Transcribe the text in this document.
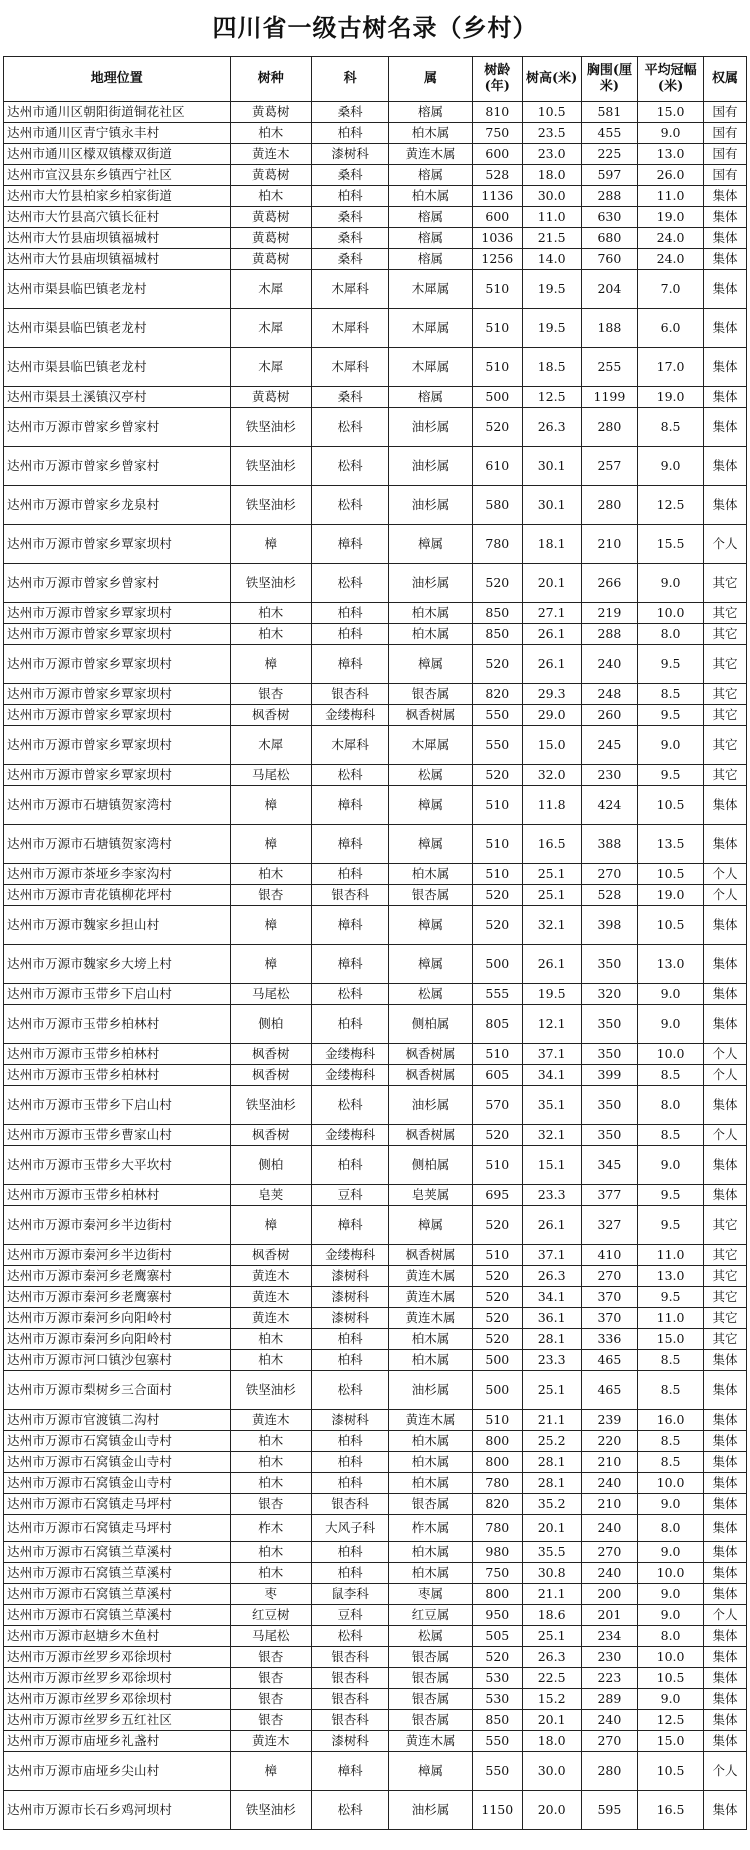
四川省一级古树名录（乡村）
地理位置	树种	科	属	树龄(年)	树高(米)	胸围(厘米)	平均冠幅(米)	权属
达州市通川区朝阳街道铜花社区	黄葛树	桑科	榕属	810	10.5	581	15.0	国有
达州市通川区青宁镇永丰村	柏木	柏科	柏木属	750	23.5	455	9.0	国有
达州市通川区檬双镇檬双街道	黄连木	漆树科	黄连木属	600	23.0	225	13.0	国有
达州市宣汉县东乡镇西宁社区	黄葛树	桑科	榕属	528	18.0	597	26.0	国有
达州市大竹县柏家乡柏家街道	柏木	柏科	柏木属	1136	30.0	288	11.0	集体
达州市大竹县高穴镇长征村	黄葛树	桑科	榕属	600	11.0	630	19.0	集体
达州市大竹县庙坝镇福城村	黄葛树	桑科	榕属	1036	21.5	680	24.0	集体
达州市大竹县庙坝镇福城村	黄葛树	桑科	榕属	1256	14.0	760	24.0	集体
达州市渠县临巴镇老龙村	木犀	木犀科	木犀属	510	19.5	204	7.0	集体
达州市渠县临巴镇老龙村	木犀	木犀科	木犀属	510	19.5	188	6.0	集体
达州市渠县临巴镇老龙村	木犀	木犀科	木犀属	510	18.5	255	17.0	集体
达州市渠县土溪镇汉亭村	黄葛树	桑科	榕属	500	12.5	1199	19.0	集体
达州市万源市曾家乡曾家村	铁坚油杉	松科	油杉属	520	26.3	280	8.5	集体
达州市万源市曾家乡曾家村	铁坚油杉	松科	油杉属	610	30.1	257	9.0	集体
达州市万源市曾家乡龙泉村	铁坚油杉	松科	油杉属	580	30.1	280	12.5	集体
达州市万源市曾家乡覃家坝村	樟	樟科	樟属	780	18.1	210	15.5	个人
达州市万源市曾家乡曾家村	铁坚油杉	松科	油杉属	520	20.1	266	9.0	其它
达州市万源市曾家乡覃家坝村	柏木	柏科	柏木属	850	27.1	219	10.0	其它
达州市万源市曾家乡覃家坝村	柏木	柏科	柏木属	850	26.1	288	8.0	其它
达州市万源市曾家乡覃家坝村	樟	樟科	樟属	520	26.1	240	9.5	其它
达州市万源市曾家乡覃家坝村	银杏	银杏科	银杏属	820	29.3	248	8.5	其它
达州市万源市曾家乡覃家坝村	枫香树	金缕梅科	枫香树属	550	29.0	260	9.5	其它
达州市万源市曾家乡覃家坝村	木犀	木犀科	木犀属	550	15.0	245	9.0	其它
达州市万源市曾家乡覃家坝村	马尾松	松科	松属	520	32.0	230	9.5	其它
达州市万源市石塘镇贺家湾村	樟	樟科	樟属	510	11.8	424	10.5	集体
达州市万源市石塘镇贺家湾村	樟	樟科	樟属	510	16.5	388	13.5	集体
达州市万源市茶垭乡李家沟村	柏木	柏科	柏木属	510	25.1	270	10.5	个人
达州市万源市青花镇柳花坪村	银杏	银杏科	银杏属	520	25.1	528	19.0	个人
达州市万源市魏家乡担山村	樟	樟科	樟属	520	32.1	398	10.5	集体
达州市万源市魏家乡大塝上村	樟	樟科	樟属	500	26.1	350	13.0	集体
达州市万源市玉带乡下启山村	马尾松	松科	松属	555	19.5	320	9.0	集体
达州市万源市玉带乡柏林村	侧柏	柏科	侧柏属	805	12.1	350	9.0	集体
达州市万源市玉带乡柏林村	枫香树	金缕梅科	枫香树属	510	37.1	350	10.0	个人
达州市万源市玉带乡柏林村	枫香树	金缕梅科	枫香树属	605	34.1	399	8.5	个人
达州市万源市玉带乡下启山村	铁坚油杉	松科	油杉属	570	35.1	350	8.0	集体
达州市万源市玉带乡曹家山村	枫香树	金缕梅科	枫香树属	520	32.1	350	8.5	个人
达州市万源市玉带乡大平坎村	侧柏	柏科	侧柏属	510	15.1	345	9.0	集体
达州市万源市玉带乡柏林村	皂荚	豆科	皂荚属	695	23.3	377	9.5	集体
达州市万源市秦河乡半边街村	樟	樟科	樟属	520	26.1	327	9.5	其它
达州市万源市秦河乡半边街村	枫香树	金缕梅科	枫香树属	510	37.1	410	11.0	其它
达州市万源市秦河乡老鹰寨村	黄连木	漆树科	黄连木属	520	26.3	270	13.0	其它
达州市万源市秦河乡老鹰寨村	黄连木	漆树科	黄连木属	520	34.1	370	9.5	其它
达州市万源市秦河乡向阳岭村	黄连木	漆树科	黄连木属	520	36.1	370	11.0	其它
达州市万源市秦河乡向阳岭村	柏木	柏科	柏木属	520	28.1	336	15.0	其它
达州市万源市河口镇沙包寨村	柏木	柏科	柏木属	500	23.3	465	8.5	集体
达州市万源市梨树乡三合面村	铁坚油杉	松科	油杉属	500	25.1	465	8.5	集体
达州市万源市官渡镇二沟村	黄连木	漆树科	黄连木属	510	21.1	239	16.0	集体
达州市万源市石窝镇金山寺村	柏木	柏科	柏木属	800	25.2	220	8.5	集体
达州市万源市石窝镇金山寺村	柏木	柏科	柏木属	800	28.1	210	8.5	集体
达州市万源市石窝镇金山寺村	柏木	柏科	柏木属	780	28.1	240	10.0	集体
达州市万源市石窝镇走马坪村	银杏	银杏科	银杏属	820	35.2	210	9.0	集体
达州市万源市石窝镇走马坪村	柞木	大风子科	柞木属	780	20.1	240	8.0	集体
达州市万源市石窝镇兰草溪村	柏木	柏科	柏木属	980	35.5	270	9.0	集体
达州市万源市石窝镇兰草溪村	柏木	柏科	柏木属	750	30.8	240	10.0	集体
达州市万源市石窝镇兰草溪村	枣	鼠李科	枣属	800	21.1	200	9.0	集体
达州市万源市石窝镇兰草溪村	红豆树	豆科	红豆属	950	18.6	201	9.0	个人
达州市万源市赵塘乡木鱼村	马尾松	松科	松属	505	25.1	234	8.0	集体
达州市万源市丝罗乡邓徐坝村	银杏	银杏科	银杏属	520	26.3	230	10.0	集体
达州市万源市丝罗乡邓徐坝村	银杏	银杏科	银杏属	530	22.5	223	10.5	集体
达州市万源市丝罗乡邓徐坝村	银杏	银杏科	银杏属	530	15.2	289	9.0	集体
达州市万源市丝罗乡五红社区	银杏	银杏科	银杏属	850	20.1	240	12.5	集体
达州市万源市庙垭乡礼盏村	黄连木	漆树科	黄连木属	550	18.0	270	15.0	集体
达州市万源市庙垭乡尖山村	樟	樟科	樟属	550	30.0	280	10.5	个人
达州市万源市长石乡鸡河坝村	铁坚油杉	松科	油杉属	1150	20.0	595	16.5	集体
